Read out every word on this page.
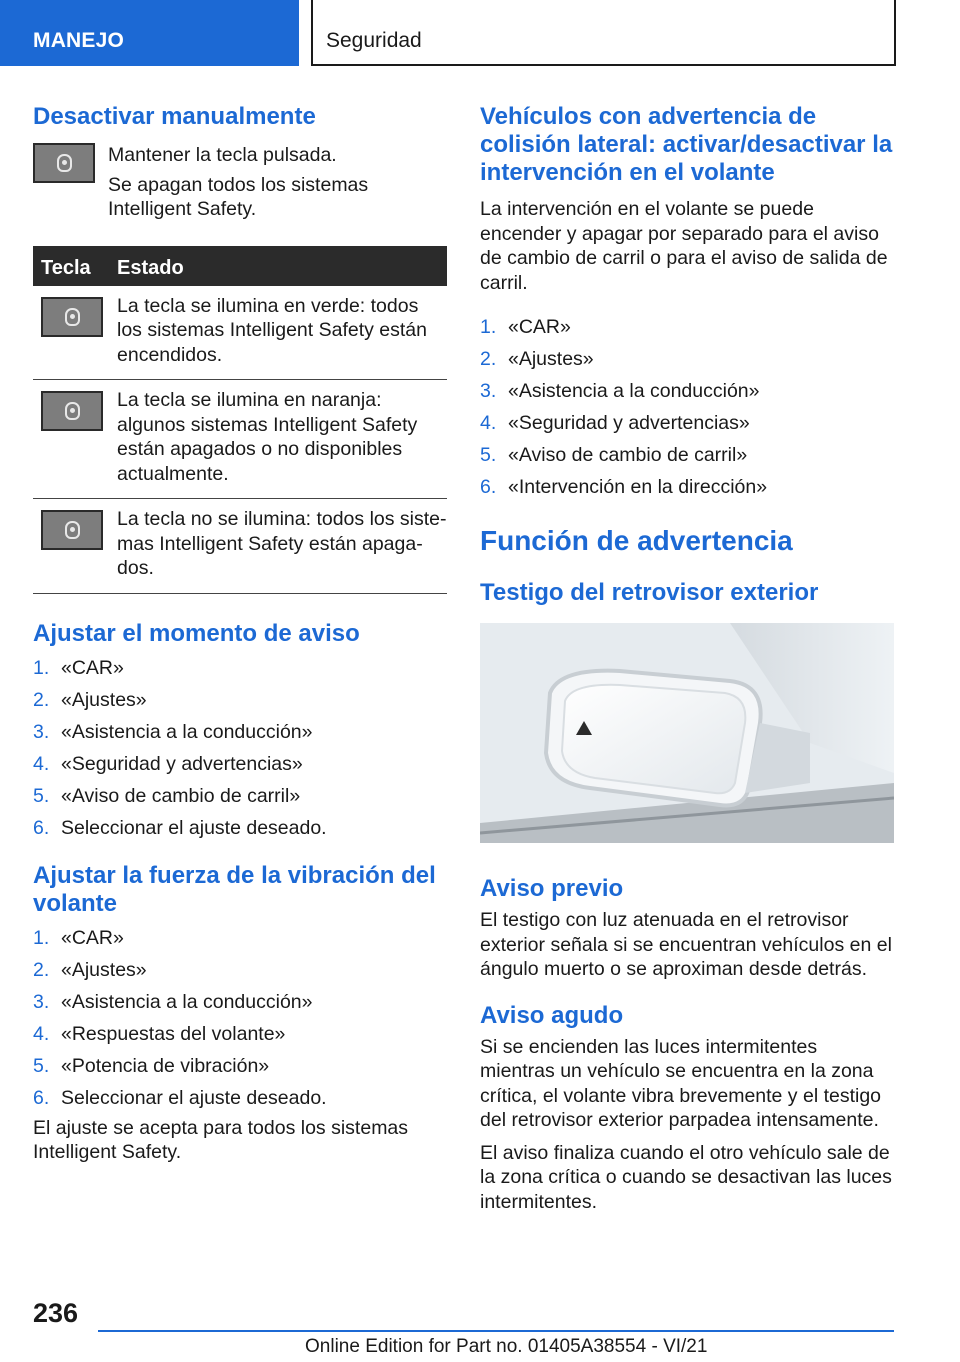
MANEJO	Seguridad
Desactivar manualmente

Mantener la tecla pulsada.

Se apagan todos los sistemas Intelligent Safety.

Tecla Estado

La tecla se ilumina en verde: todos los sistemas Intelligent Safety están encendidos.

La tecla se ilumina en naranja: algunos sistemas Intelligent Safety están apagados o no disponibles actualmente.

La tecla no se ilumina: todos los sistemas Intelligent Safety están apagados.

Ajustar el momento de aviso
1. «CAR»
2. «Ajustes»
3. «Asistencia a la conducción»
4. «Seguridad y advertencias»
5. «Aviso de cambio de carril»
6. Seleccionar el ajuste deseado.
Ajustar la fuerza de la vibración del volante
1. «CAR»
2. «Ajustes»
3. «Asistencia a la conducción»
4. «Respuestas del volante»
5. «Potencia de vibración»
6. Seleccionar el ajuste deseado.

El ajuste se acepta para todos los sistemas Intelligent Safety.

Vehículos con advertencia de colisión lateral: activar/desactivar la intervención en el volante

La intervención en el volante se puede encender y apagar por separado para el aviso de cambio de carril o para el aviso de salida de carril.

1. «CAR»
2. «Ajustes»
3. «Asistencia a la conducción»
4. «Seguridad y advertencias»
5. «Aviso de cambio de carril»
6. «Intervención en la dirección»
Función de advertencia
Testigo del retrovisor exterior
Aviso previo

El testigo con luz atenuada en el retrovisor exterior señala si se encuentran vehículos en el ángulo muerto o se aproximan desde detrás.

Aviso agudo

Si se encienden las luces intermitentes mientras un vehículo se encuentra en la zona crítica, el volante vibra brevemente y el testigo del retrovisor exterior parpadea intensamente.

El aviso finaliza cuando el otro vehículo sale de la zona crítica o cuando se desactivan las luces intermitentes.

236
Online Edition for Part no. 01405A38554 - VI/21
